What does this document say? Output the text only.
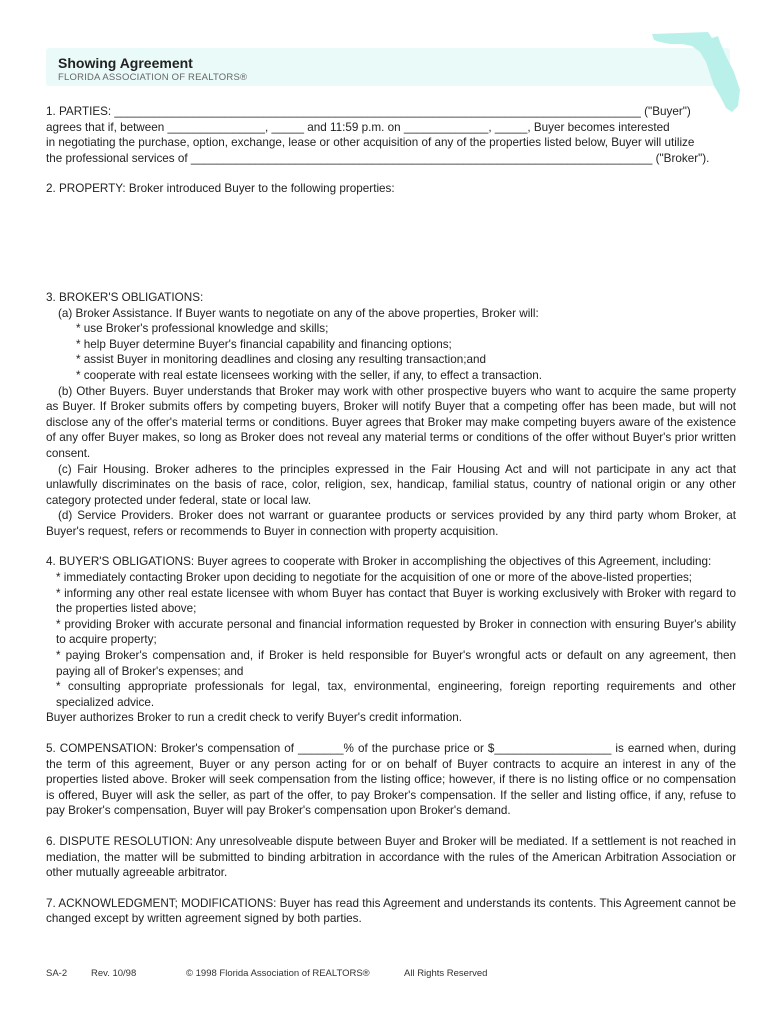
Showing Agreement
FLORIDA ASSOCIATION OF REALTORS®

1. PARTIES: _________________________________________________________________________________ ("Buyer")

agrees that if, between _______________, _____ and 11:59 p.m. on _____________, _____, Buyer becomes interested

in negotiating the purchase, option, exchange, lease or other acquisition of any of the properties listed below, Buyer will utilize

the professional services of _______________________________________________________________________ ("Broker").

2. PROPERTY: Broker introduced Buyer to the following properties:

3. BROKER'S OBLIGATIONS:

(a) Broker Assistance. If Buyer wants to negotiate on any of the above properties, Broker will:

* use Broker's professional knowledge and skills;

* help Buyer determine Buyer's financial capability and financing options;

* assist Buyer in monitoring deadlines and closing any resulting transaction;and

* cooperate with real estate licensees working with the seller, if any, to effect a transaction.

(b) Other Buyers. Buyer understands that Broker may work with other prospective buyers who want to acquire the same property as Buyer. If Broker submits offers by competing buyers, Broker will notify Buyer that a competing offer has been made, but will not disclose any of the offer's material terms or conditions. Buyer agrees that Broker may make competing buyers aware of the existence of any offer Buyer makes, so long as Broker does not reveal any material terms or conditions of the offer without Buyer's prior written consent.

(c) Fair Housing. Broker adheres to the principles expressed in the Fair Housing Act and will not participate in any act that unlawfully discriminates on the basis of race, color, religion, sex, handicap, familial status, country of national origin or any other category protected under federal, state or local law.

(d) Service Providers. Broker does not warrant or guarantee products or services provided by any third party whom Broker, at Buyer's request, refers or recommends to Buyer in connection with property acquisition.

4. BUYER'S OBLIGATIONS: Buyer agrees to cooperate with Broker in accomplishing the objectives of this Agreement, including:

* immediately contacting Broker upon deciding to negotiate for the acquisition of one or more of the above-listed properties;

* informing any other real estate licensee with whom Buyer has contact that Buyer is working exclusively with Broker with regard to the properties listed above;

* providing Broker with accurate personal and financial information requested by Broker in connection with ensuring Buyer's ability to acquire property;

* paying Broker's compensation and, if Broker is held responsible for Buyer's wrongful acts or default on any agreement, then paying all of Broker's expenses; and

* consulting appropriate professionals for legal, tax, environmental, engineering, foreign reporting requirements and other specialized advice.

Buyer authorizes Broker to run a credit check to verify Buyer's credit information.

5. COMPENSATION: Broker's compensation of _______% of the purchase price or $__________________ is earned when, during the term of this agreement, Buyer or any person acting for or on behalf of Buyer contracts to acquire an interest in any of the properties listed above. Broker will seek compensation from the listing office; however, if there is no listing office or no compensation is offered, Buyer will ask the seller, as part of the offer, to pay Broker's compensation. If the seller and listing office, if any, refuse to pay Broker's compensation, Buyer will pay Broker's compensation upon Broker's demand.

6. DISPUTE RESOLUTION: Any unresolveable dispute between Buyer and Broker will be mediated. If a settlement is not reached in mediation, the matter will be submitted to binding arbitration in accordance with the rules of the American Arbitration Association or other mutually agreeable arbitrator.

7. ACKNOWLEDGMENT; MODIFICATIONS: Buyer has read this Agreement and understands its contents. This Agreement cannot be changed except by written agreement signed by both parties.

SA-2	Rev. 10/98	© 1998 Florida Association of REALTORS®	All Rights Reserved
